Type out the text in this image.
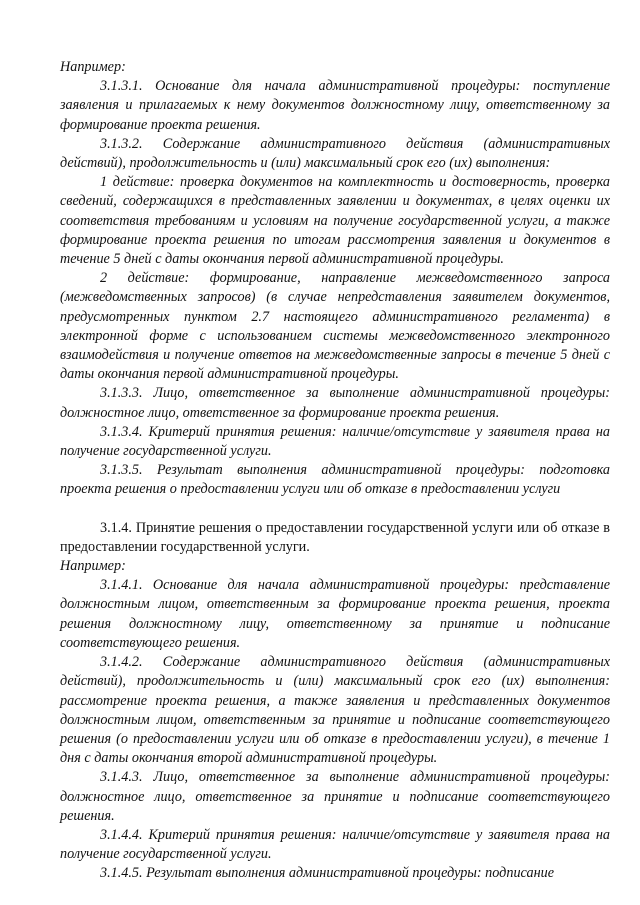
Например:

3.1.3.1. Основание для начала административной процедуры: поступление заявления и прилагаемых к нему документов должностному лицу, ответственному за формирование проекта решения.

3.1.3.2. Содержание административного действия (административных действий), продолжительность и (или) максимальный срок его (их) выполнения:

1 действие: проверка документов на комплектность и достоверность, проверка сведений, содержащихся в представленных заявлении и документах, в целях оценки их соответствия требованиям и условиям на получение государственной услуги, а также формирование проекта решения по итогам рассмотрения заявления и документов в течение 5 дней с даты окончания первой административной процедуры.

2 действие: формирование, направление межведомственного запроса (межведомственных запросов) (в случае непредставления заявителем документов, предусмотренных пунктом 2.7 настоящего административного регламента) в электронной форме с использованием системы межведомственного электронного взаимодействия и получение ответов на межведомственные запросы в течение 5 дней с даты окончания первой административной процедуры.

3.1.3.3. Лицо, ответственное за выполнение административной процедуры: должностное лицо, ответственное за формирование проекта решения.

3.1.3.4. Критерий принятия решения: наличие/отсутствие у заявителя права на получение государственной услуги.

3.1.3.5. Результат выполнения административной процедуры: подготовка проекта решения о предоставлении услуги или об отказе в предоставлении услуги

3.1.4. Принятие решения о предоставлении государственной услуги или об отказе в предоставлении государственной услуги.

Например:

3.1.4.1. Основание для начала административной процедуры: представление должностным лицом, ответственным за формирование проекта решения, проекта решения должностному лицу, ответственному за принятие и подписание соответствующего решения.

3.1.4.2. Содержание административного действия (административных действий), продолжительность и (или) максимальный срок его (их) выполнения: рассмотрение проекта решения, а также заявления и представленных документов должностным лицом, ответственным за принятие и подписание соответствующего решения (о предоставлении услуги или об отказе в предоставлении услуги), в течение 1 дня с даты окончания второй административной процедуры.

3.1.4.3. Лицо, ответственное за выполнение административной процедуры: должностное лицо, ответственное за принятие и подписание соответствующего решения.

3.1.4.4. Критерий принятия решения: наличие/отсутствие у заявителя права на получение государственной услуги.

3.1.4.5. Результат выполнения административной процедуры: подписание
